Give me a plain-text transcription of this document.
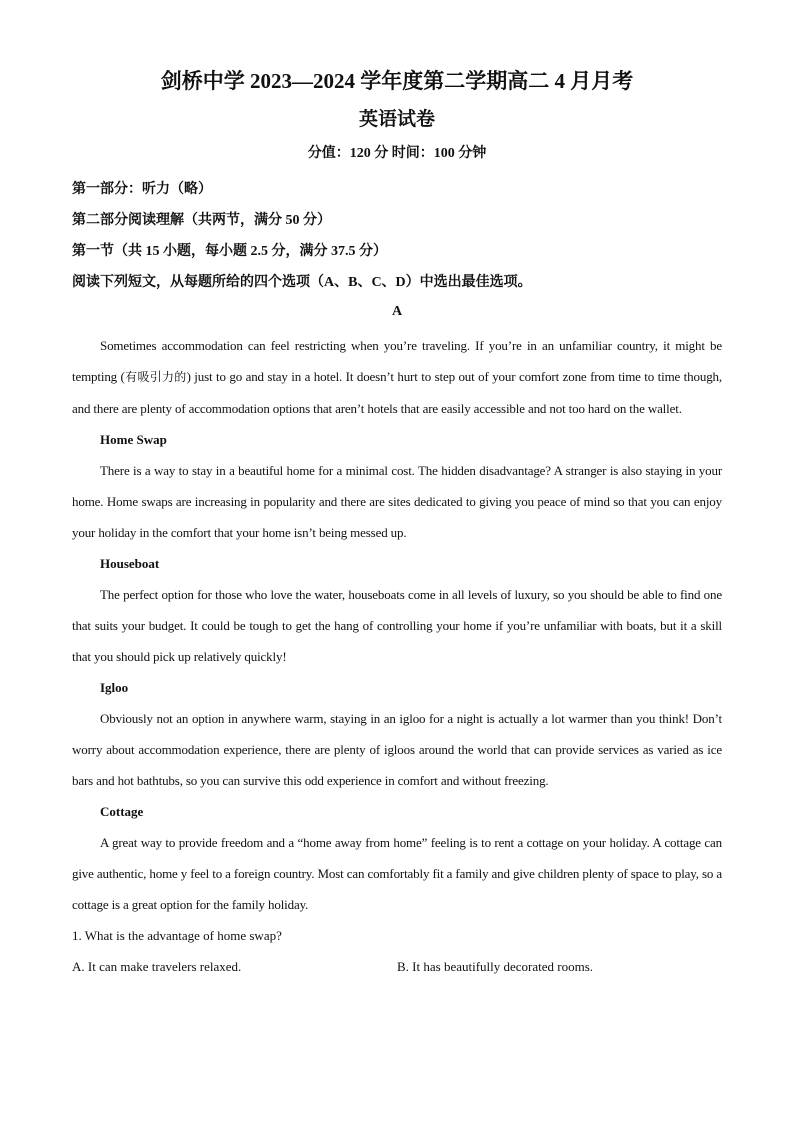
剑桥中学 2023—2024 学年度第二学期高二 4 月月考
英语试卷

分值：120 分 时间：100 分钟

第一部分：听力（略）

第二部分阅读理解（共两节，满分 50 分）

第一节（共 15 小题，每小题 2.5 分，满分 37.5 分）

阅读下列短文，从每题所给的四个选项（A、B、C、D）中选出最佳选项。

A

Sometimes accommodation can feel restricting when you’re traveling. If you’re in an unfamiliar country, it might be tempting (有吸引力的) just to go and stay in a hotel. It doesn’t hurt to step out of your comfort zone from time to time though, and there are plenty of accommodation options that aren’t hotels that are easily accessible and not too hard on the wallet.

Home Swap

There is a way to stay in a beautiful home for a minimal cost. The hidden disadvantage? A stranger is also staying in your home. Home swaps are increasing in popularity and there are sites dedicated to giving you peace of mind so that you can enjoy your holiday in the comfort that your home isn’t being messed up.

Houseboat

The perfect option for those who love the water, houseboats come in all levels of luxury, so you should be able to find one that suits your budget. It could be tough to get the hang of controlling your home if you’re unfamiliar with boats, but it a skill that you should pick up relatively quickly!

Igloo

Obviously not an option in anywhere warm, staying in an igloo for a night is actually a lot warmer than you think! Don’t worry about accommodation experience, there are plenty of igloos around the world that can provide services as varied as ice bars and hot bathtubs, so you can survive this odd experience in comfort and without freezing.

Cottage

A great way to provide freedom and a “home away from home” feeling is to rent a cottage on your holiday. A cottage can give authentic, home y feel to a foreign country. Most can comfortably fit a family and give children plenty of space to play, so a cottage is a great option for the family holiday.

1. What is the advantage of home swap?

A. It can make travelers relaxed.	B. It has beautifully decorated rooms.
